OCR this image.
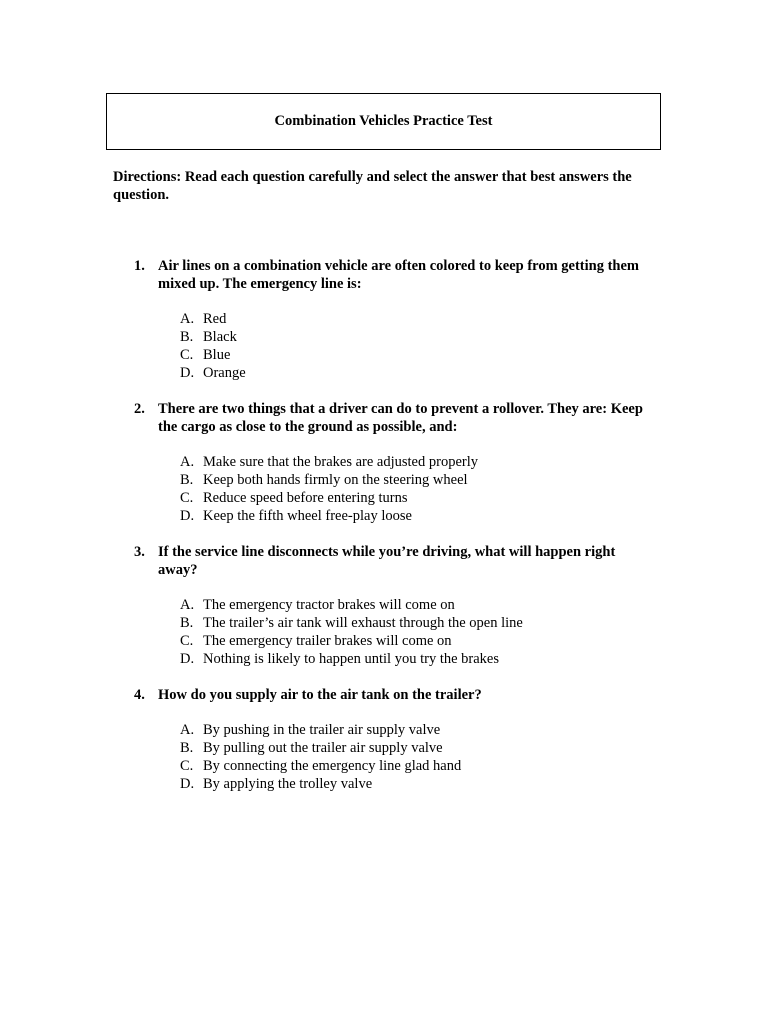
Combination Vehicles Practice Test
Directions: Read each question carefully and select the answer that best answers the question.
1. Air lines on a combination vehicle are often colored to keep from getting them mixed up. The emergency line is:
A. Red
B. Black
C. Blue
D. Orange
2. There are two things that a driver can do to prevent a rollover. They are: Keep the cargo as close to the ground as possible, and:
A. Make sure that the brakes are adjusted properly
B. Keep both hands firmly on the steering wheel
C. Reduce speed before entering turns
D. Keep the fifth wheel free-play loose
3. If the service line disconnects while you’re driving, what will happen right away?
A. The emergency tractor brakes will come on
B. The trailer’s air tank will exhaust through the open line
C. The emergency trailer brakes will come on
D. Nothing is likely to happen until you try the brakes
4. How do you supply air to the air tank on the trailer?
A. By pushing in the trailer air supply valve
B. By pulling out the trailer air supply valve
C. By connecting the emergency line glad hand
D. By applying the trolley valve
